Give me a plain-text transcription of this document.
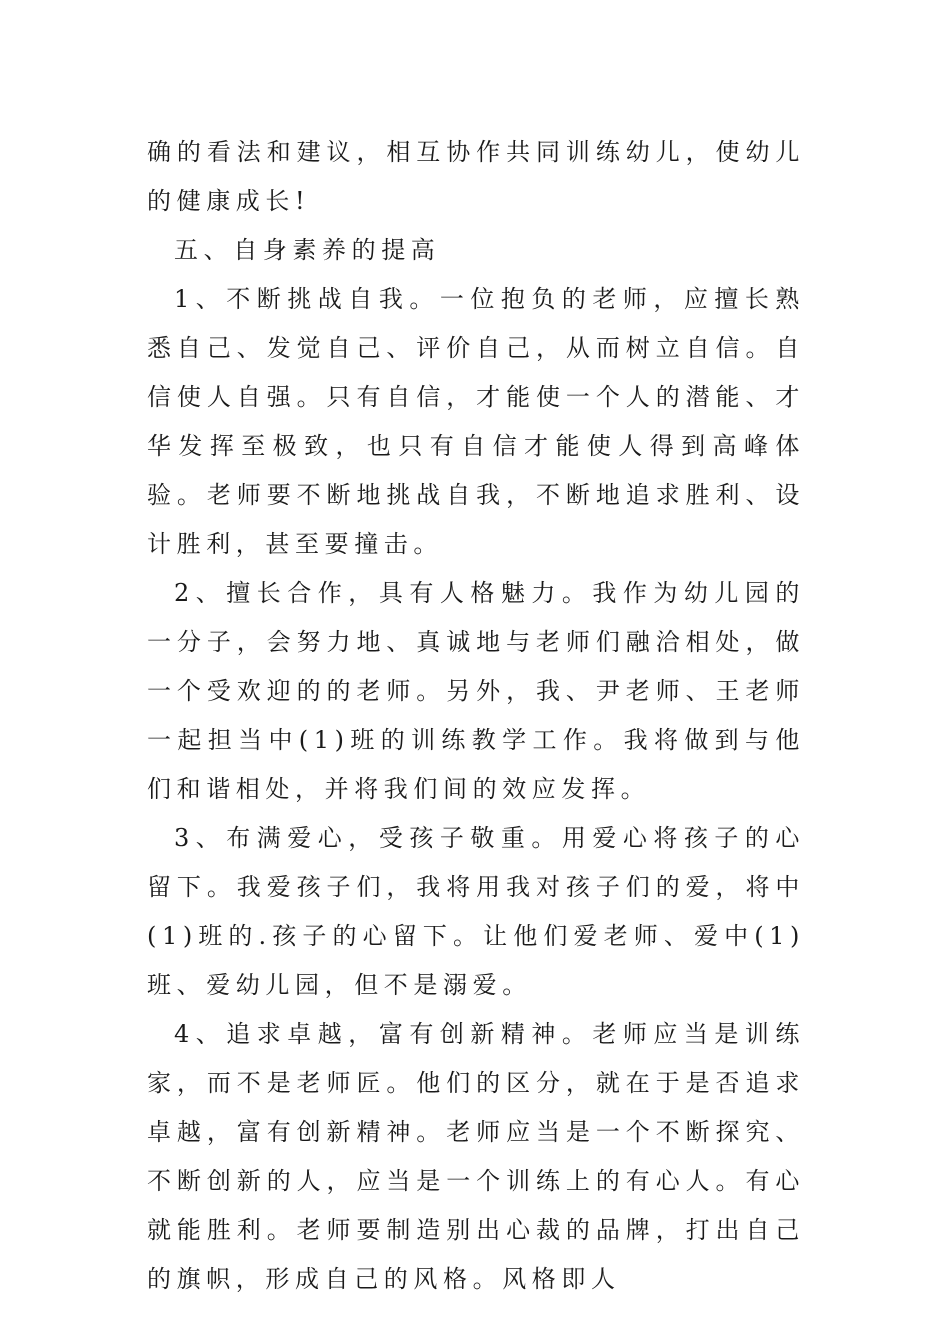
确的看法和建议，相互协作共同训练幼儿，使幼儿的健康成长!

五、自身素养的提高

1、不断挑战自我。一位抱负的老师，应擅长熟悉自己、发觉自己、评价自己，从而树立自信。自信使人自强。只有自信，才能使一个人的潜能、才华发挥至极致，也只有自信才能使人得到高峰体验。老师要不断地挑战自我，不断地追求胜利、设计胜利，甚至要撞击。

2、擅长合作，具有人格魅力。我作为幼儿园的一分子，会努力地、真诚地与老师们融洽相处，做一个受欢迎的的老师。另外，我、尹老师、王老师一起担当中(1)班的训练教学工作。我将做到与他们和谐相处，并将我们间的效应发挥。

3、布满爱心，受孩子敬重。用爱心将孩子的心留下。我爱孩子们，我将用我对孩子们的爱，将中(1)班的.孩子的心留下。让他们爱老师、爱中(1)班、爱幼儿园，但不是溺爱。

4、追求卓越，富有创新精神。老师应当是训练家，而不是老师匠。他们的区分，就在于是否追求卓越，富有创新精神。老师应当是一个不断探究、不断创新的人，应当是一个训练上的有心人。有心就能胜利。老师要制造别出心裁的品牌，打出自己的旗帜，形成自己的风格。风格即人
